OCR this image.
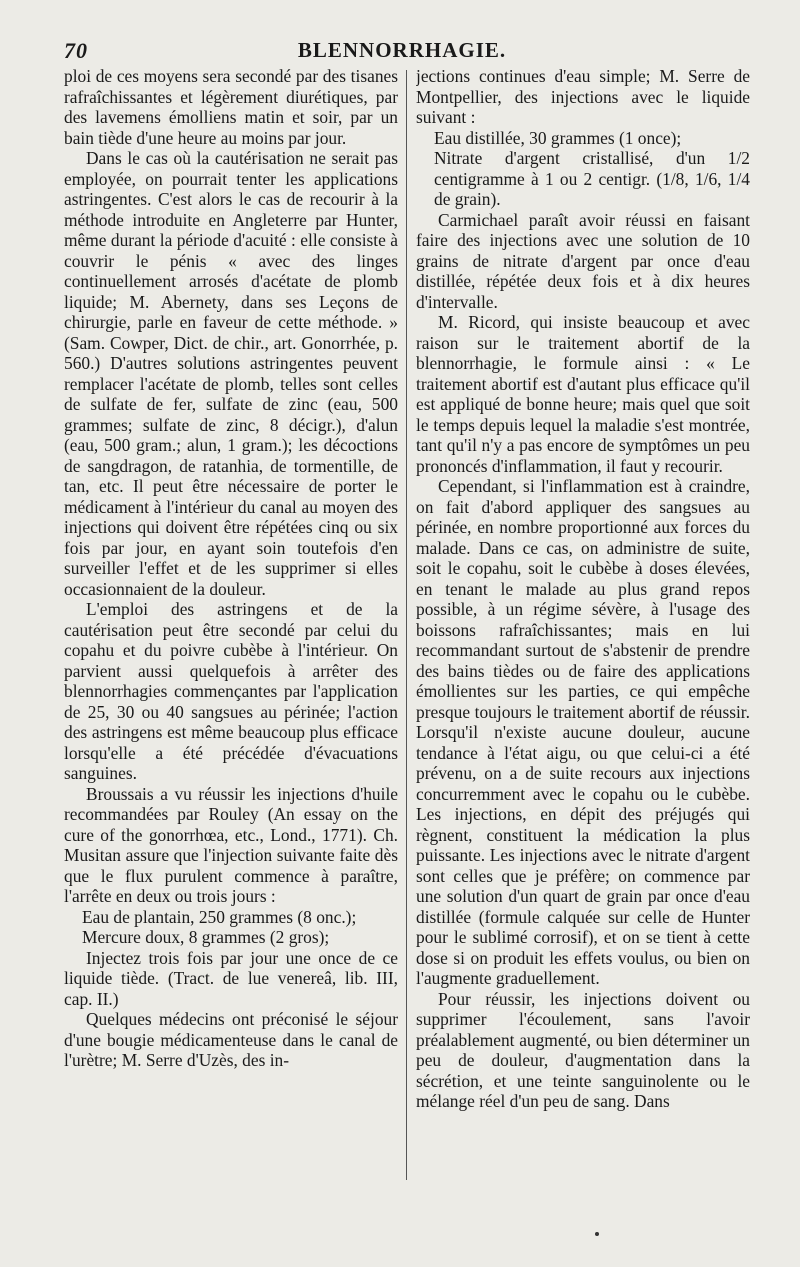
70	BLENNORRHAGIE.

ploi de ces moyens sera secondé par des tisanes rafraîchissantes et légèrement diurétiques, par des lavemens émolliens matin et soir, par un bain tiède d'une heure au moins par jour.

Dans le cas où la cautérisation ne serait pas employée, on pourrait tenter les applications astringentes. C'est alors le cas de recourir à la méthode introduite en Angleterre par Hunter, même durant la période d'acuité : elle consiste à couvrir le pénis « avec des linges continuellement arrosés d'acétate de plomb liquide; M. Abernety, dans ses Leçons de chirurgie, parle en faveur de cette méthode. » (Sam. Cowper, Dict. de chir., art. Gonorrhée, p. 560.) D'autres solutions astringentes peuvent remplacer l'acétate de plomb, telles sont celles de sulfate de fer, sulfate de zinc (eau, 500 grammes; sulfate de zinc, 8 décigr.), d'alun (eau, 500 gram.; alun, 1 gram.); les décoctions de sangdragon, de ratanhia, de tormentille, de tan, etc. Il peut être nécessaire de porter le médicament à l'intérieur du canal au moyen des injections qui doivent être répétées cinq ou six fois par jour, en ayant soin toutefois d'en surveiller l'effet et de les supprimer si elles occasionnaient de la douleur.

L'emploi des astringens et de la cautérisation peut être secondé par celui du copahu et du poivre cubèbe à l'intérieur. On parvient aussi quelquefois à arrêter des blennorrhagies commençantes par l'application de 25, 30 ou 40 sangsues au périnée; l'action des astringens est même beaucoup plus efficace lorsqu'elle a été précédée d'évacuations sanguines.

Broussais a vu réussir les injections d'huile recommandées par Rouley (An essay on the cure of the gonorrhœa, etc., Lond., 1771). Ch. Musitan assure que l'injection suivante faite dès que le flux purulent commence à paraître, l'arrête en deux ou trois jours :

Eau de plantain, 250 grammes (8 onc.);

Mercure doux, 8 grammes (2 gros);

Injectez trois fois par jour une once de ce liquide tiède. (Tract. de lue venereâ, lib. III, cap. II.)

Quelques médecins ont préconisé le séjour d'une bougie médicamenteuse dans le canal de l'urètre; M. Serre d'Uzès, des in-

jections continues d'eau simple; M. Serre de Montpellier, des injections avec le liquide suivant :

Eau distillée, 30 grammes (1 once);

Nitrate d'argent cristallisé, d'un 1/2 centigramme à 1 ou 2 centigr. (1/8, 1/6, 1/4 de grain).

Carmichael paraît avoir réussi en faisant faire des injections avec une solution de 10 grains de nitrate d'argent par once d'eau distillée, répétée deux fois et à dix heures d'intervalle.

M. Ricord, qui insiste beaucoup et avec raison sur le traitement abortif de la blennorrhagie, le formule ainsi : « Le traitement abortif est d'autant plus efficace qu'il est appliqué de bonne heure; mais quel que soit le temps depuis lequel la maladie s'est montrée, tant qu'il n'y a pas encore de symptômes un peu prononcés d'inflammation, il faut y recourir.

Cependant, si l'inflammation est à craindre, on fait d'abord appliquer des sangsues au périnée, en nombre proportionné aux forces du malade. Dans ce cas, on administre de suite, soit le copahu, soit le cubèbe à doses élevées, en tenant le malade au plus grand repos possible, à un régime sévère, à l'usage des boissons rafraîchissantes; mais en lui recommandant surtout de s'abstenir de prendre des bains tièdes ou de faire des applications émollientes sur les parties, ce qui empêche presque toujours le traitement abortif de réussir. Lorsqu'il n'existe aucune douleur, aucune tendance à l'état aigu, ou que celui-ci a été prévenu, on a de suite recours aux injections concurremment avec le copahu ou le cubèbe. Les injections, en dépit des préjugés qui règnent, constituent la médication la plus puissante. Les injections avec le nitrate d'argent sont celles que je préfère; on commence par une solution d'un quart de grain par once d'eau distillée (formule calquée sur celle de Hunter pour le sublimé corrosif), et on se tient à cette dose si on produit les effets voulus, ou bien on l'augmente graduellement.

Pour réussir, les injections doivent ou supprimer l'écoulement, sans l'avoir préalablement augmenté, ou bien déterminer un peu de douleur, d'augmentation dans la sécrétion, et une teinte sanguinolente ou le mélange réel d'un peu de sang. Dans
